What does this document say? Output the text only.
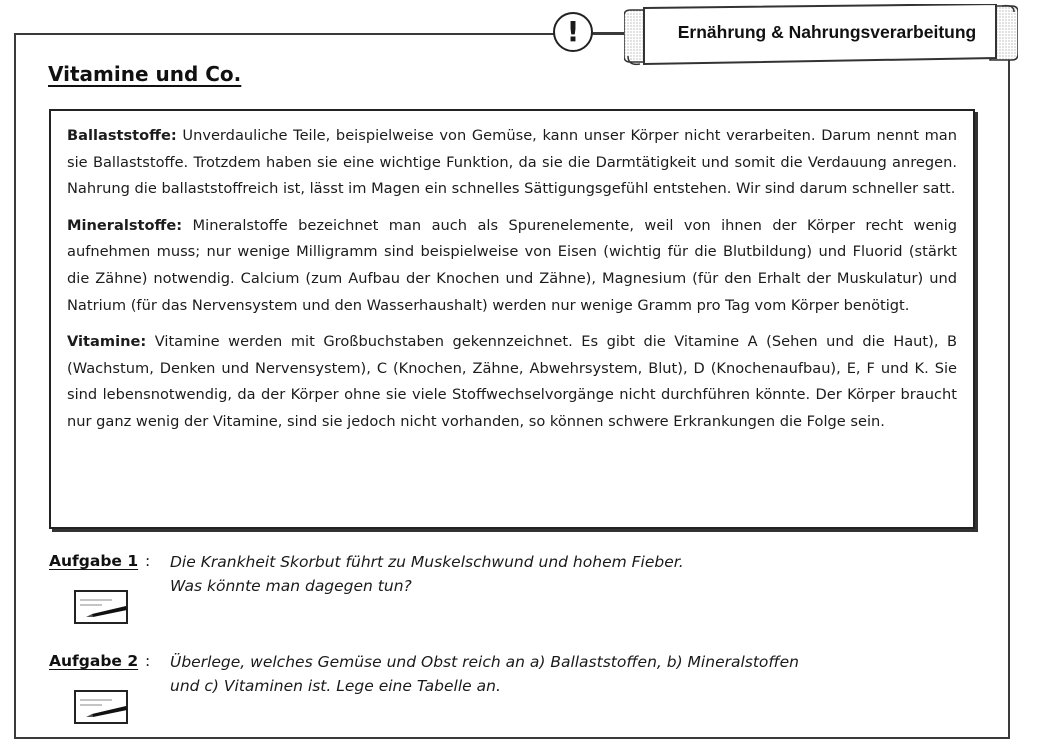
!	Ernährung & Nahrungsverarbeitung
Vitamine und Co.

Ballaststoffe: Unverdauliche Teile, beispielweise von Gemüse, kann unser Körper nicht verarbeiten. Darum nennt man sie Ballaststoffe. Trotzdem haben sie eine wichtige Funktion, da sie die Darmtätigkeit und somit die Verdauung anregen. Nahrung die ballaststoffreich ist, lässt im Magen ein schnelles Sättigungsgefühl entstehen. Wir sind darum schneller satt.

Mineralstoffe: Mineralstoffe bezeichnet man auch als Spurenelemente, weil von ihnen der Körper recht wenig aufnehmen muss; nur wenige Milligramm sind beispielweise von Eisen (wichtig für die Blutbildung) und Fluorid (stärkt die Zähne) notwendig. Calcium (zum Aufbau der Knochen und Zähne), Magnesium (für den Erhalt der Muskulatur) und Natrium (für das Nervensystem und den Wasserhaushalt) werden nur wenige Gramm pro Tag vom Körper benötigt.

Vitamine: Vitamine werden mit Großbuchstaben gekennzeichnet. Es gibt die Vitamine A (Sehen und die Haut), B (Wachstum, Denken und Nervensystem), C (Knochen, Zähne, Abwehrsystem, Blut), D (Knochenaufbau), E, F und K. Sie sind lebensnotwendig, da der Körper ohne sie viele Stoffwechselvorgänge nicht durchführen könnte. Der Körper braucht nur ganz wenig der Vitamine, sind sie jedoch nicht vorhanden, so können schwere Erkrankungen die Folge sein.

Aufgabe 1 : Die Krankheit Skorbut führt zu Muskelschwund und hohem Fieber.
Was könnte man dagegen tun?
Aufgabe 2 : Überlege, welches Gemüse und Obst reich an a) Ballaststoffen, b) Mineralstoffen
und c) Vitaminen ist. Lege eine Tabelle an.
